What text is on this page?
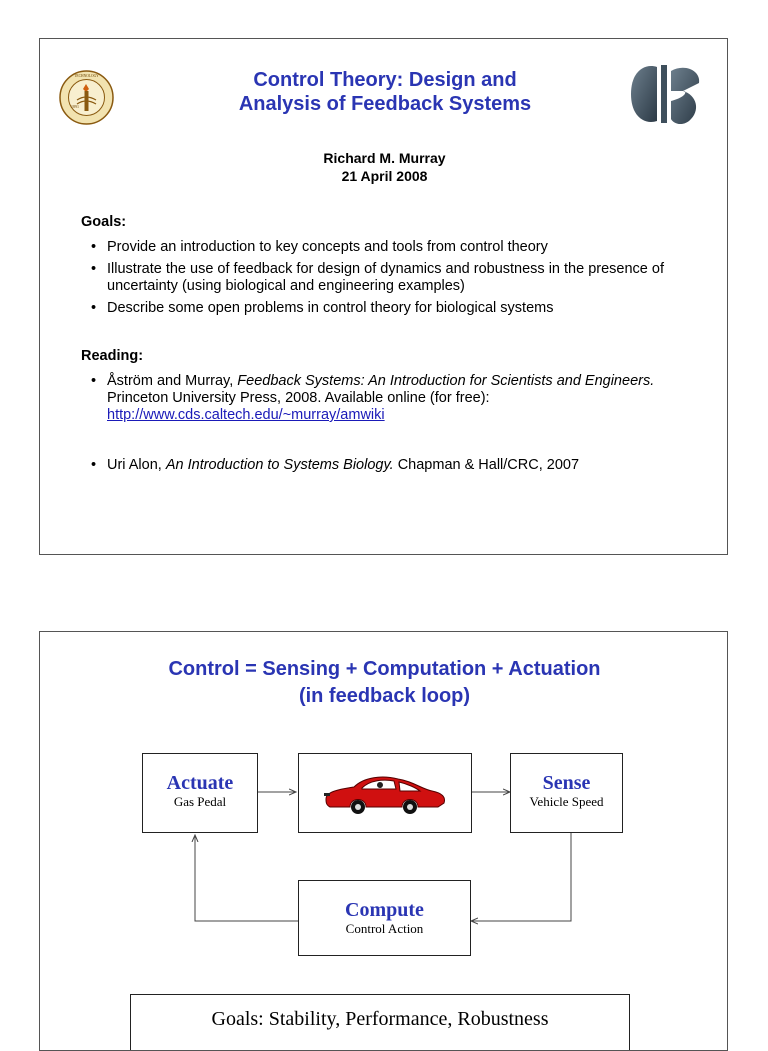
1891
TECHNOLOGY	Control Theory: Design and
Analysis of Feedback Systems
Richard M. Murray
21 April 2008
Goals:
• Provide an introduction to key concepts and tools from control theory
• Illustrate the use of feedback for design of dynamics and robustness in the presence of uncertainty (using biological and engineering examples)
• Describe some open problems in control theory for biological systems
Reading:
• Åström and Murray, Feedback Systems: An Introduction for Scientists and Engineers. Princeton University Press, 2008. Available online (for free):
http://www.cds.caltech.edu/~murray/amwiki
• Uri Alon, An Introduction to Systems Biology. Chapman & Hall/CRC, 2007
Control = Sensing + Computation + Actuation
(in feedback loop)
Actuate
Gas Pedal
Sense
Vehicle Speed
Compute
Control Action
Goals: Stability, Performance, Robustness
